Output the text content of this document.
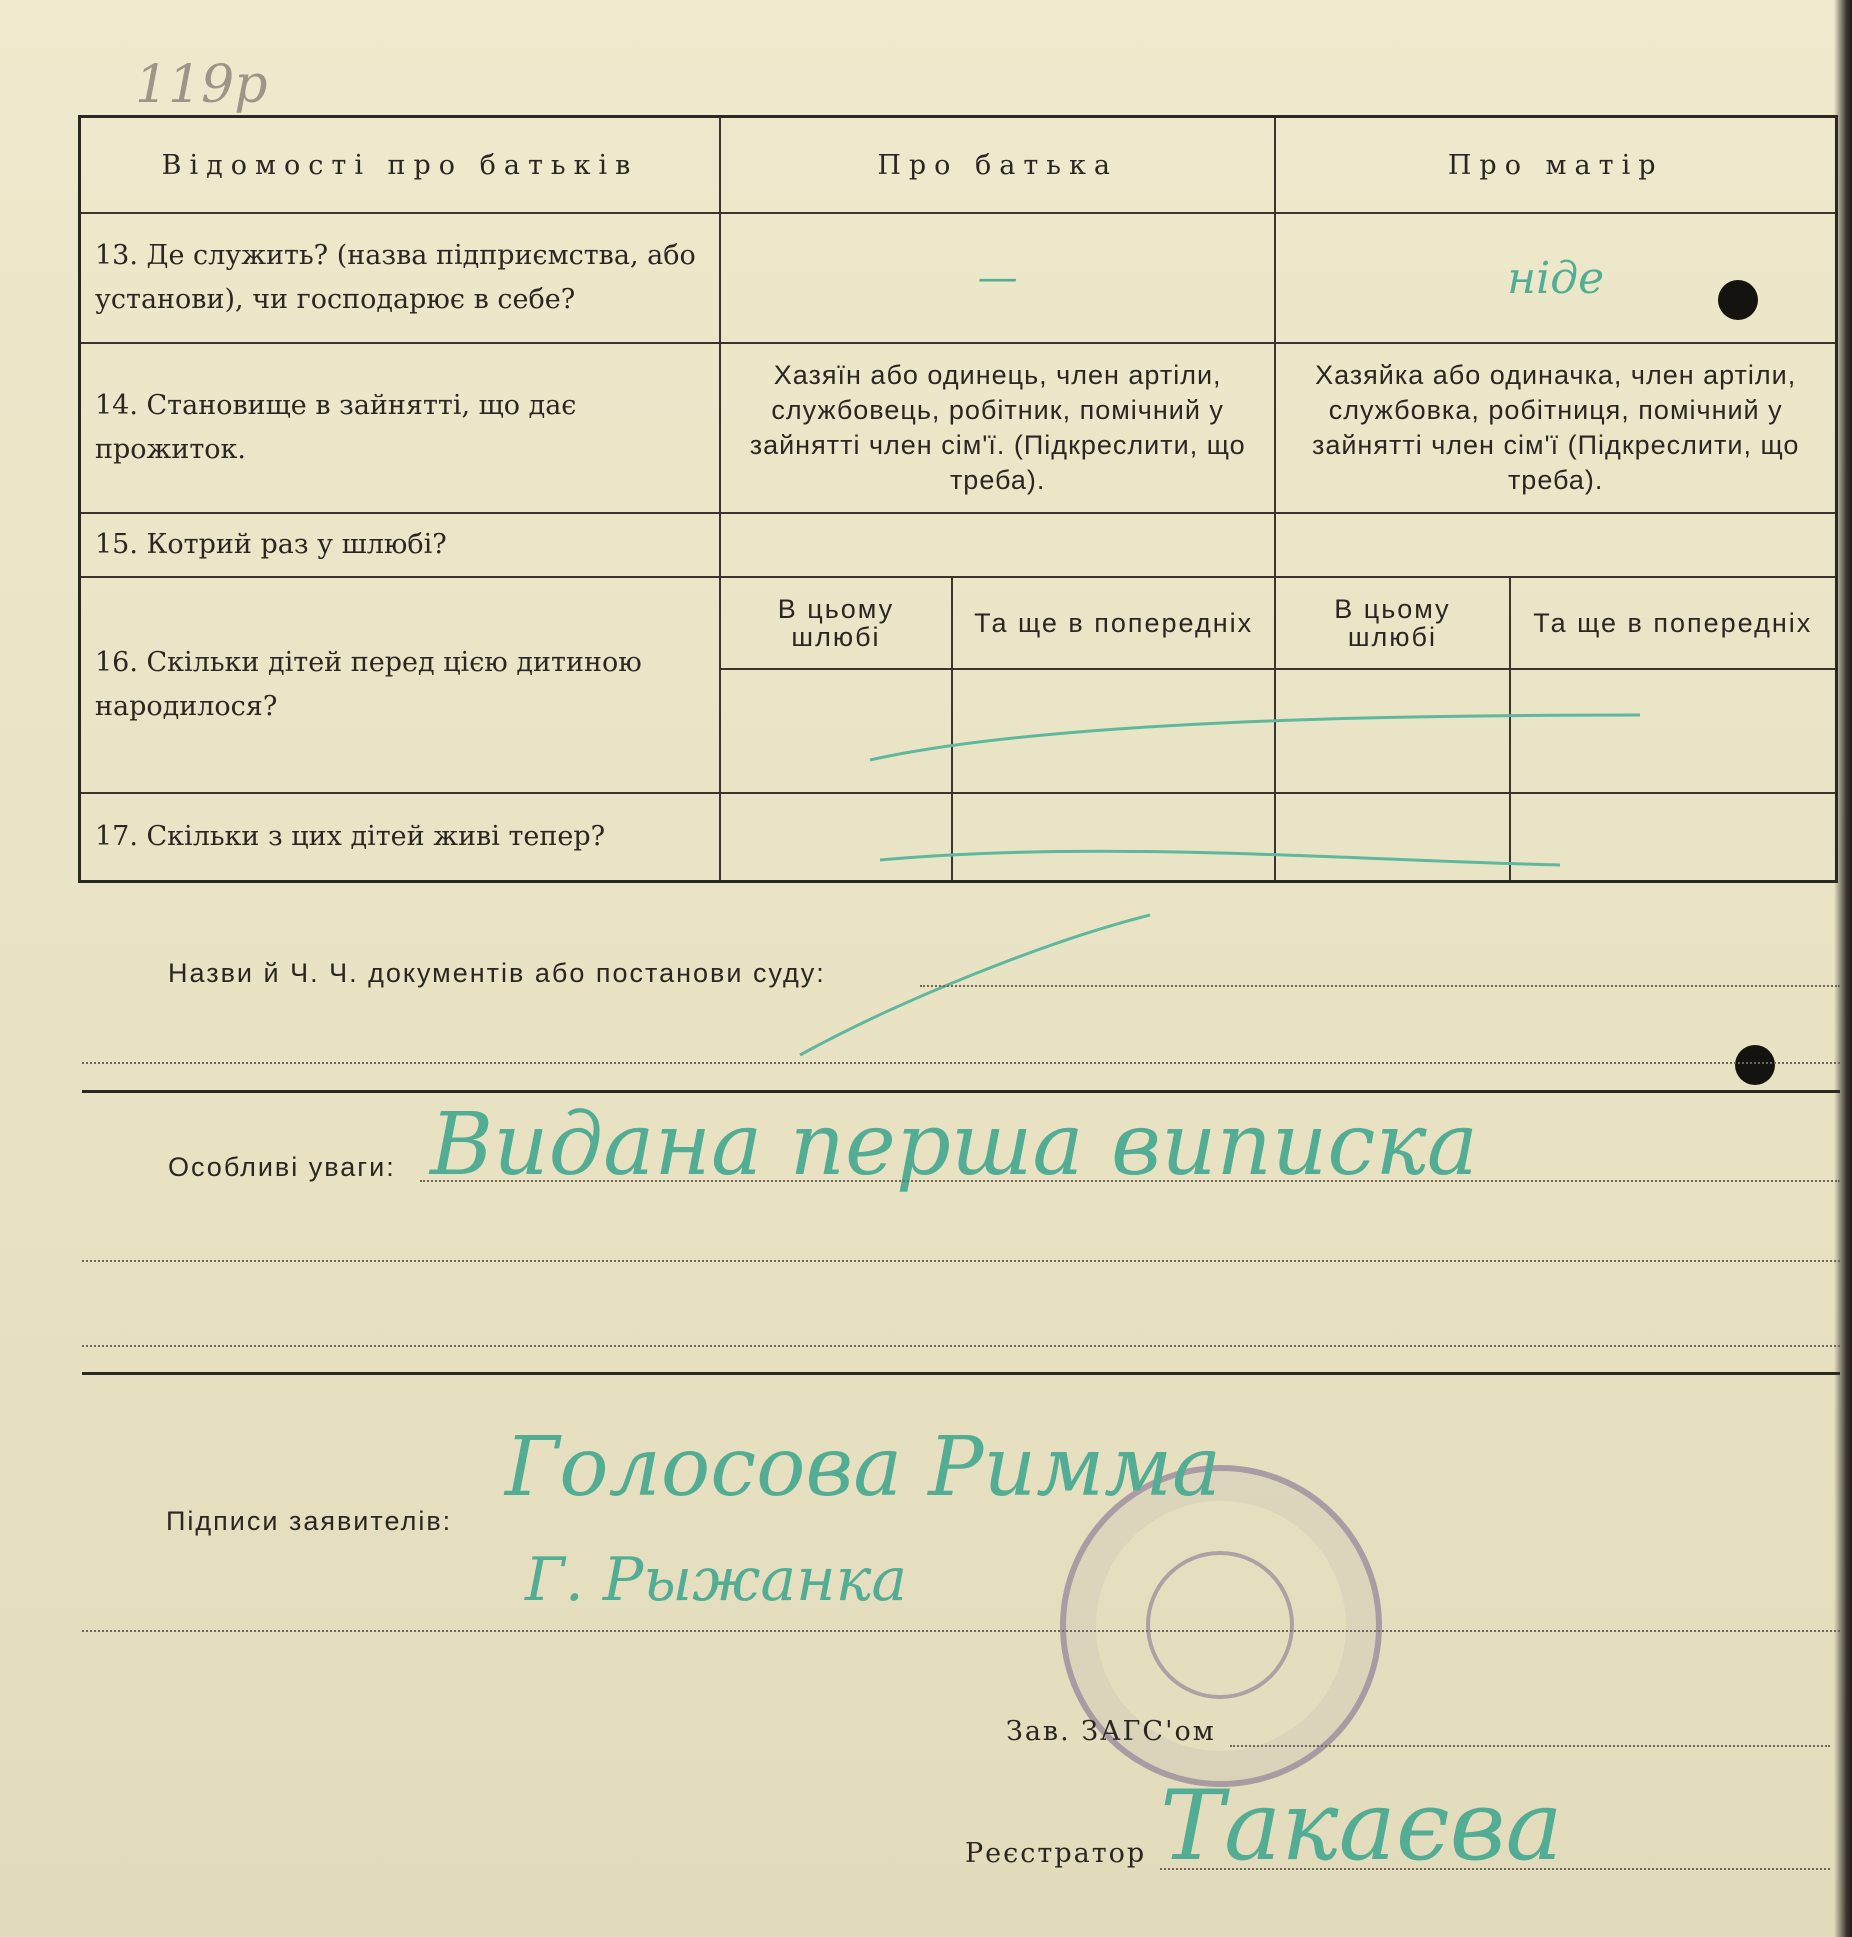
119р
Відомості про батьків	Про батька		Про матір	
13. Де служить? (назва підприємства, або установи), чи господарює в себе?	—		ніде	
14. Становище в зайнятті, що дає прожиток.	Хазяїн або одинець, член артіли, службовець, робітник, помічний у зайнятті член сім'ї. (Підкреслити, що треба).		Хазяйка або одиначка, член артіли, службовка, робітниця, помічний у зайнятті член сім'ї (Підкреслити, що треба).	
15. Котрий раз у шлюбі?				
16. Скільки дітей перед цією дитиною народилося?	В цьому шлюбі	Та ще в попередніх	В цьому шлюбі	Та ще в попередніх

17. Скільки з цих дітей живі тепер?				
Назви й Ч. Ч. документів або постанови суду:
Особливі уваги: Видана перша виписка
Підписи заявителів:
Голосова Римма
Г. Рыжанка
Зав. ЗАГС'ом
Реєстратор Такаєва
